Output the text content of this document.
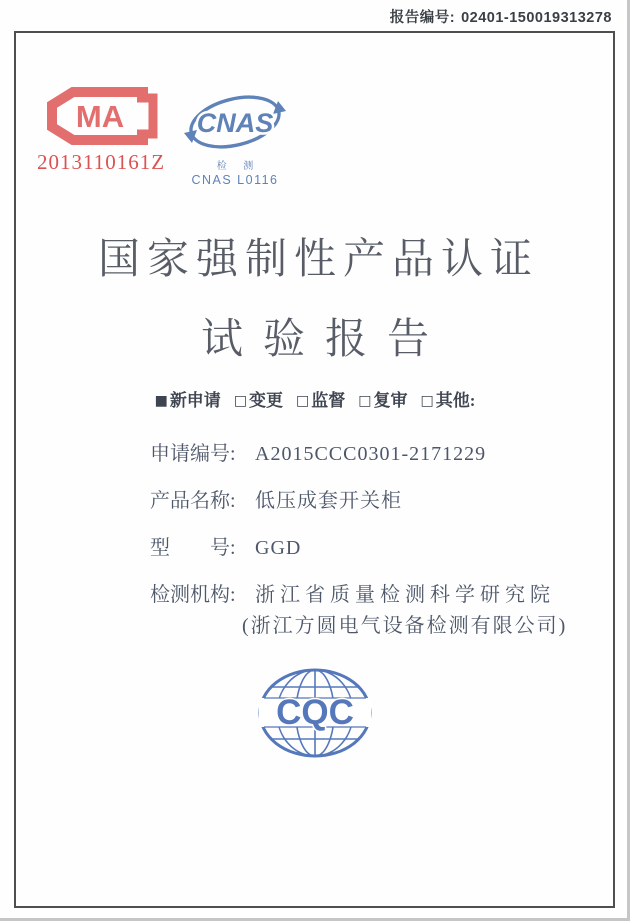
报告编号: 02401-150019313278
MA
2013110161Z
CNAS
检 测
CNAS L0116
国家强制性产品认证
试验报告
■ 新申请 □ 变更 □ 监督 □ 复审 □ 其他:
申请编号: A2015CCC0301-2171229
产品名称: 低压成套开关柜
型　　号: GGD
检测机构: 浙江省质量检测科学研究院
(浙江方圆电气设备检测有限公司)
CQC
